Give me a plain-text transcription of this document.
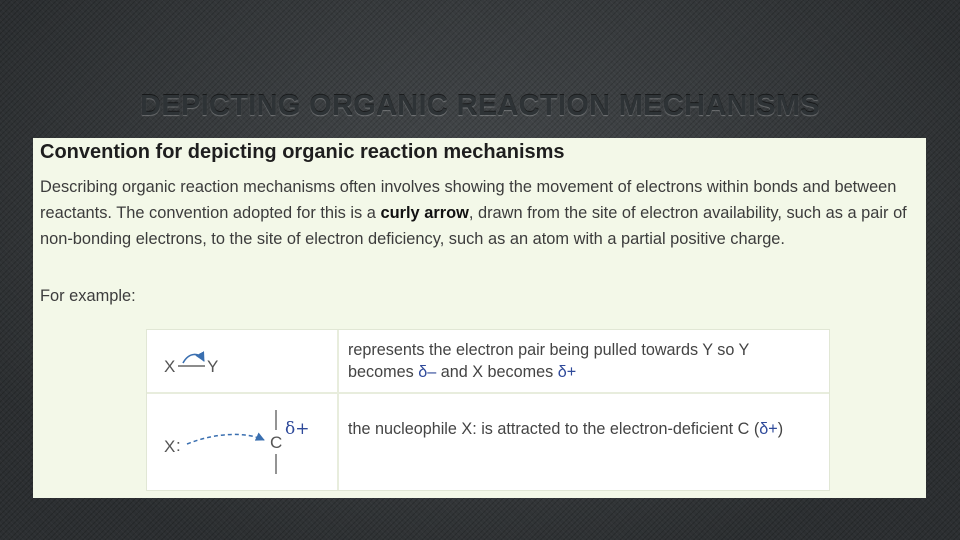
DEPICTING ORGANIC REACTION MECHANISMS
Convention for depicting organic reaction mechanisms

Describing organic reaction mechanisms often involves showing the movement of electrons within bonds and between reactants. The convention adopted for this is a curly arrow, drawn from the site of electron availability, such as a pair of non-bonding electrons, to the site of electron deficiency, such as an atom with a partial positive charge.

For example:
X Y
represents the electron pair being pulled towards Y so Y becomes δ– and X becomes δ+
X :	C
δ+ the nucleophile X: is attracted to the electron-deficient C (δ+)
